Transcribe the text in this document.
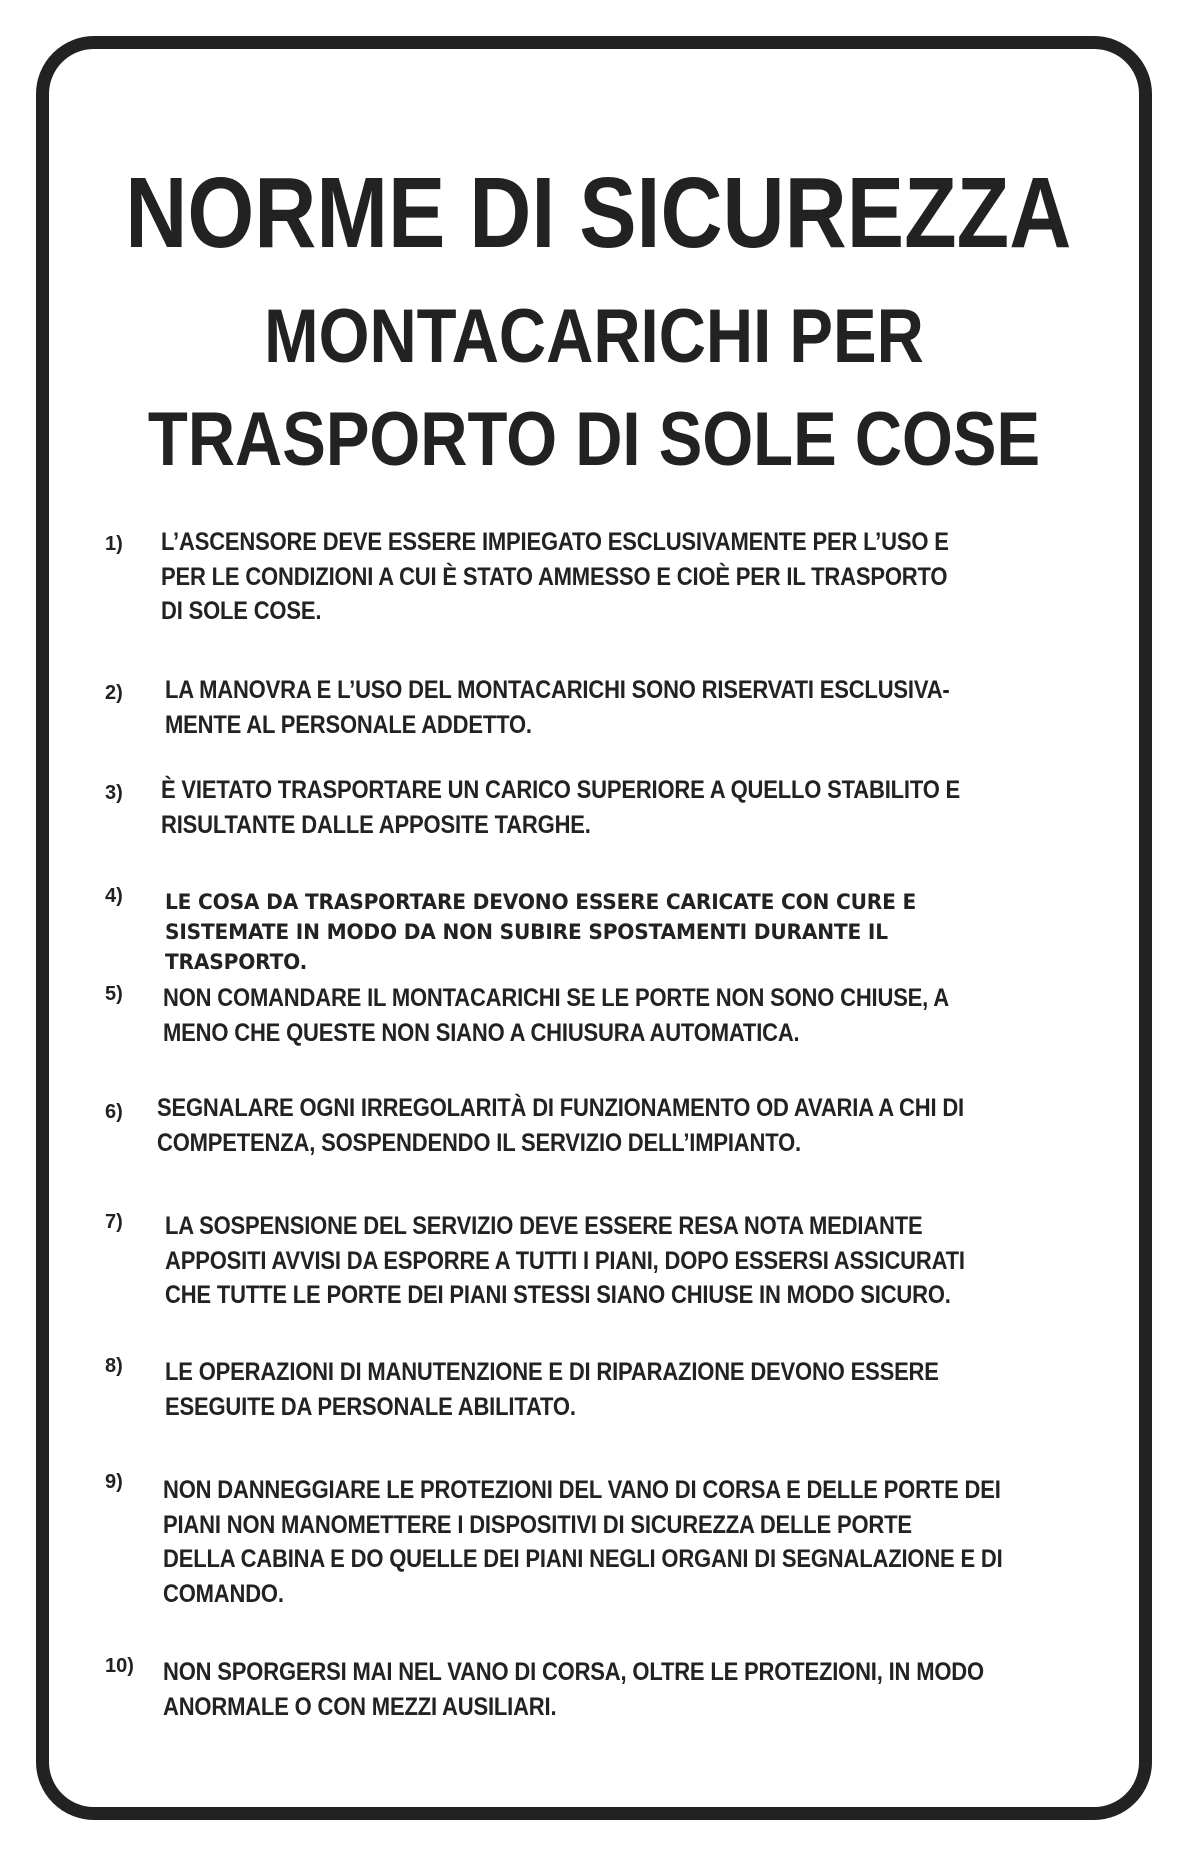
NORME DI SICUREZZA
MONTACARICHI PER
TRASPORTO DI SOLE COSE
1) L’ASCENSORE DEVE ESSERE IMPIEGATO ESCLUSIVAMENTE PER L’USO E
PER LE CONDIZIONI A CUI È STATO AMMESSO E CIOÈ PER IL TRASPORTO
DI SOLE COSE.
2) LA MANOVRA E L’USO DEL MONTACARICHI SONO RISERVATI ESCLUSIVA-
MENTE AL PERSONALE ADDETTO.
3) È VIETATO TRASPORTARE UN CARICO SUPERIORE A QUELLO STABILITO E
RISULTANTE DALLE APPOSITE TARGHE.
4) LE COSA DA TRASPORTARE DEVONO ESSERE CARICATE CON CURE E
SISTEMATE IN MODO DA NON SUBIRE SPOSTAMENTI DURANTE IL
TRASPORTO.
5) NON COMANDARE IL MONTACARICHI SE LE PORTE NON SONO CHIUSE, A
MENO CHE QUESTE NON SIANO A CHIUSURA AUTOMATICA.
6) SEGNALARE OGNI IRREGOLARITÀ DI FUNZIONAMENTO OD AVARIA A CHI DI
COMPETENZA, SOSPENDENDO IL SERVIZIO DELL’IMPIANTO.
7) LA SOSPENSIONE DEL SERVIZIO DEVE ESSERE RESA NOTA MEDIANTE
APPOSITI AVVISI DA ESPORRE A TUTTI I PIANI, DOPO ESSERSI ASSICURATI
CHE TUTTE LE PORTE DEI PIANI STESSI SIANO CHIUSE IN MODO SICURO.
8) LE OPERAZIONI DI MANUTENZIONE E DI RIPARAZIONE DEVONO ESSERE
ESEGUITE DA PERSONALE ABILITATO.
9) NON DANNEGGIARE LE PROTEZIONI DEL VANO DI CORSA E DELLE PORTE DEI
PIANI NON MANOMETTERE I DISPOSITIVI DI SICUREZZA DELLE PORTE
DELLA CABINA E DO QUELLE DEI PIANI NEGLI ORGANI DI SEGNALAZIONE E DI
COMANDO.
10) NON SPORGERSI MAI NEL VANO DI CORSA, OLTRE LE PROTEZIONI, IN MODO
ANORMALE O CON MEZZI AUSILIARI.
